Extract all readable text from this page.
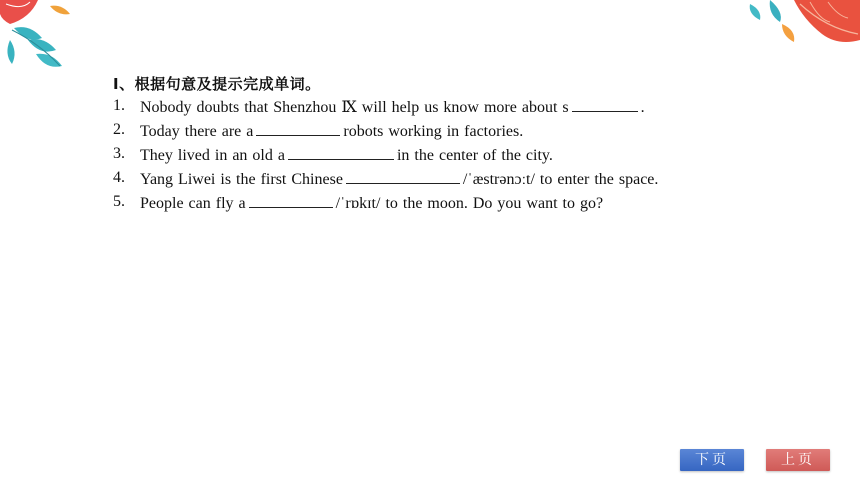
Ⅰ、根据句意及提示完成单词。
1. Nobody doubts that Shenzhou Ⅸ will help us know more about s	.
2. Today there are a	robots working in factories.
3. They lived in an old a	in the center of the city.
4. Yang Liwei is the first Chinese	/ˈæstrənɔːt/ to enter the space.
5. People can fly a	/ˈrɒkɪt/ to the moon. Do you want to go?
下页	上页
